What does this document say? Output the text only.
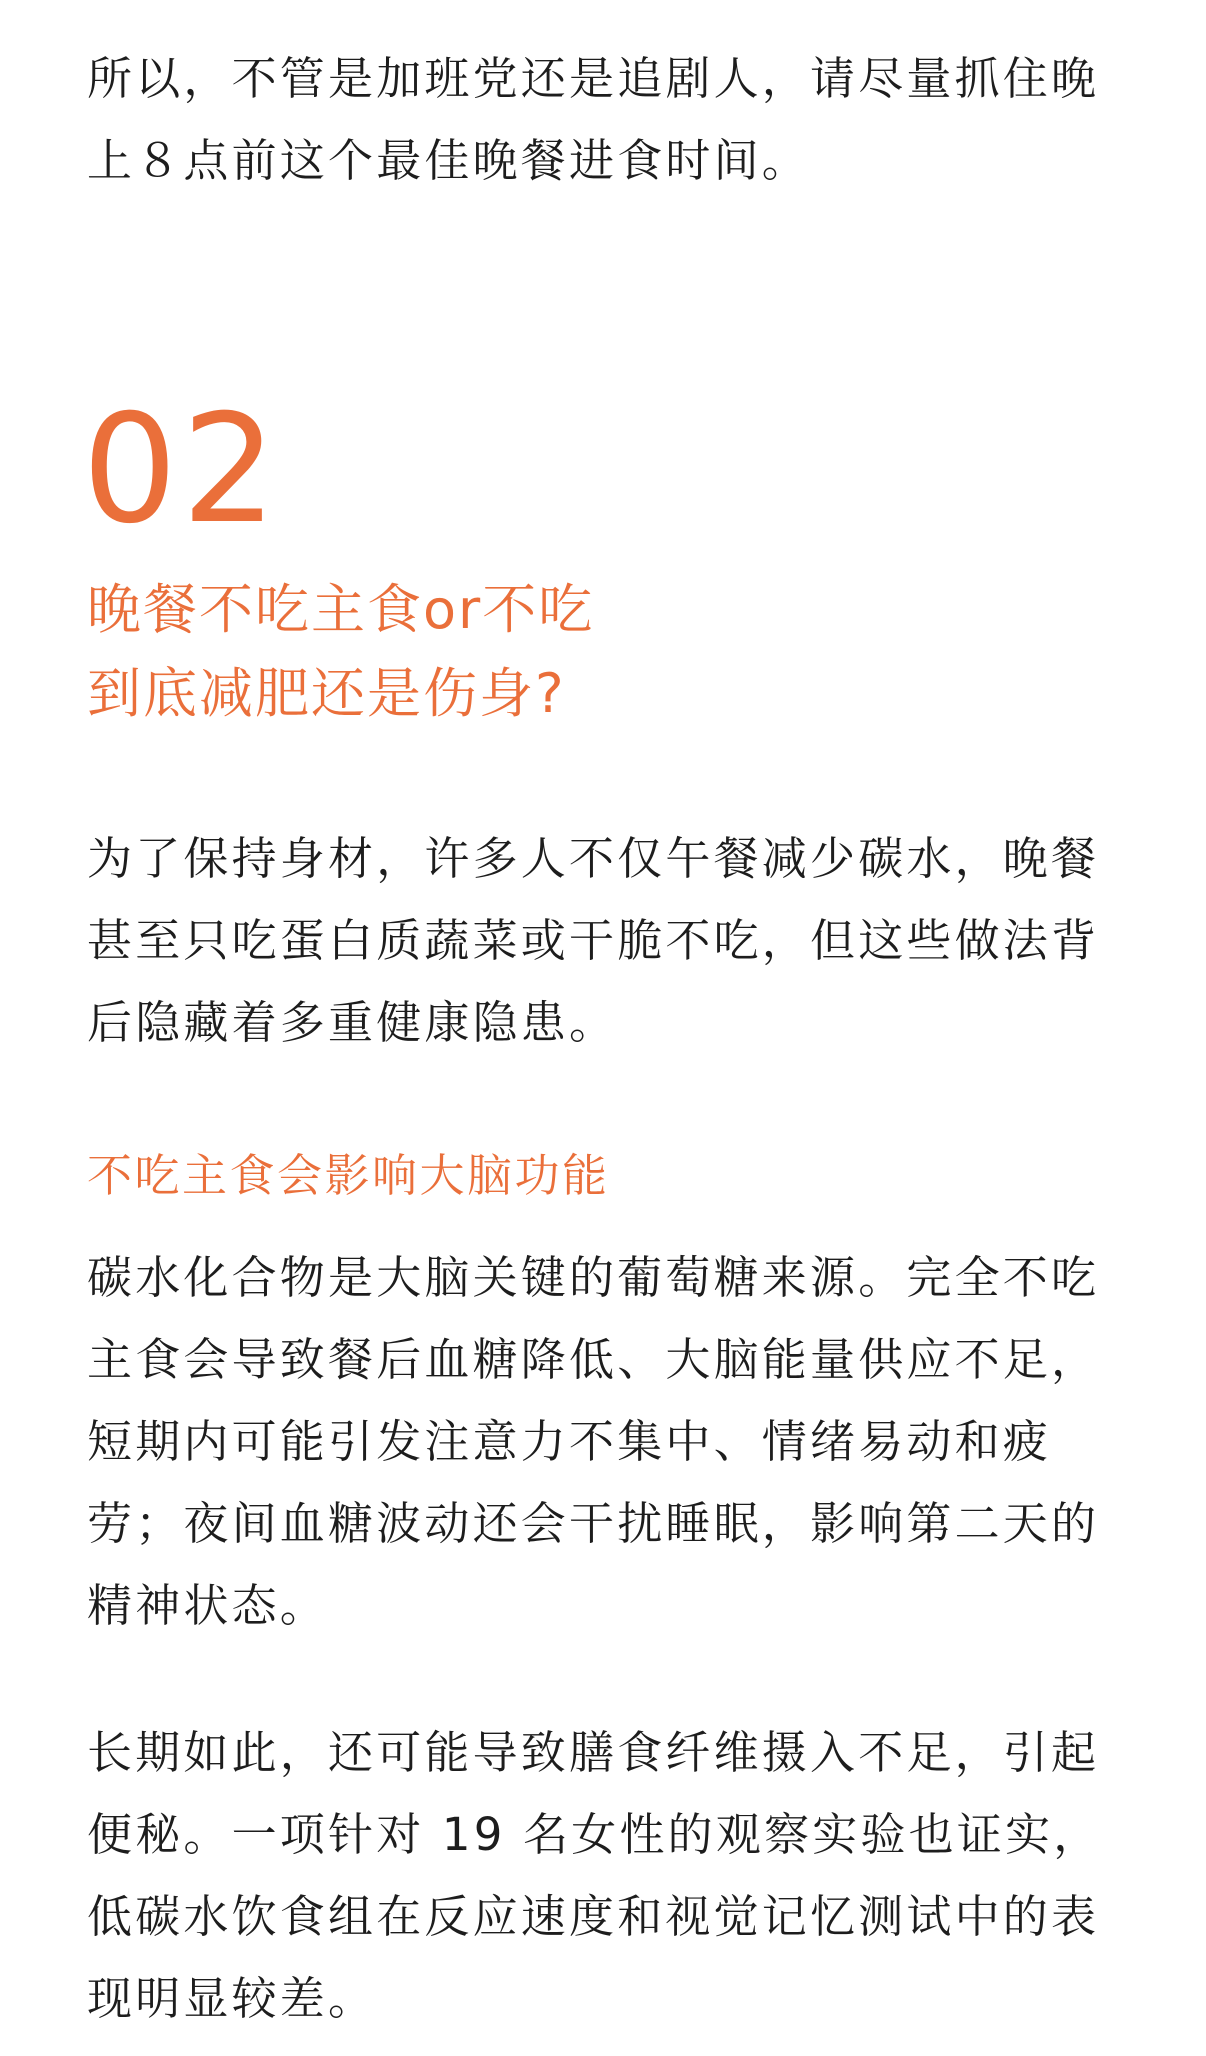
所以，不管是加班党还是追剧人，请尽量抓住晚上８点前这个最佳晚餐进食时间。

02
晚餐不吃主食or不吃
到底减肥还是伤身?

为了保持身材，许多人不仅午餐减少碳水，晚餐甚至只吃蛋白质蔬菜或干脆不吃，但这些做法背后隐藏着多重健康隐患。

不吃主食会影响大脑功能

碳水化合物是大脑关键的葡萄糖来源。完全不吃主食会导致餐后血糖降低、大脑能量供应不足，短期内可能引发注意力不集中、情绪易动和疲劳；夜间血糖波动还会干扰睡眠，影响第二天的精神状态。

长期如此，还可能导致膳食纤维摄入不足，引起便秘。一项针对 19 名女性的观察实验也证实，低碳水饮食组在反应速度和视觉记忆测试中的表现明显较差。
